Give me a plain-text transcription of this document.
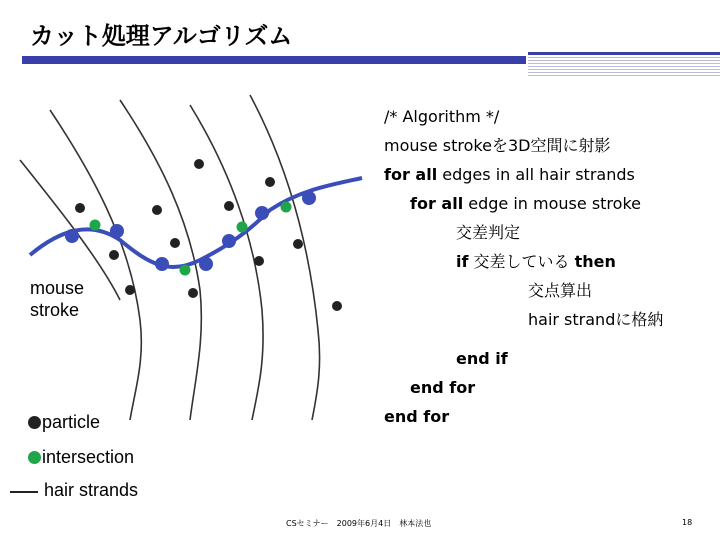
カット処理アルゴリズム
mouse
stroke
/* Algorithm */
mouse strokeを3D空間に射影
for all edges in all hair strands
for all edge in mouse stroke
交差判定
if 交差している then
交点算出
hair strandに格納
end if
end for
end for
particle
intersection
hair strands
CSセミナー　2009年6月4日　林本法也	18
